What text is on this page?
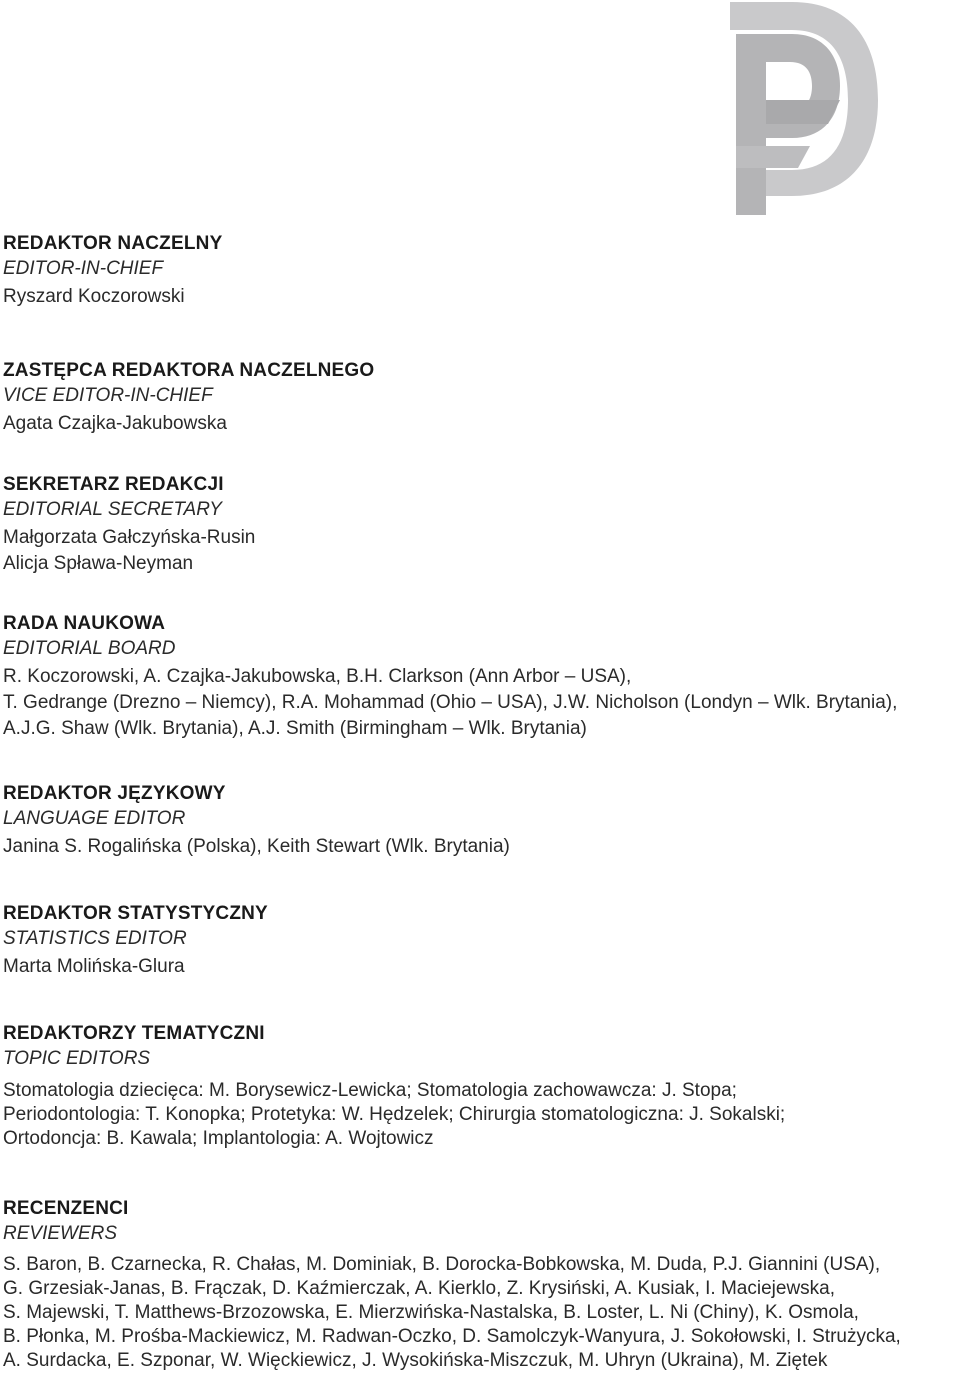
REDAKTOR NACZELNY
EDITOR-IN-CHIEF
Ryszard Koczorowski
ZASTĘPCA REDAKTORA NACZELNEGO
VICE EDITOR-IN-CHIEF
Agata Czajka-Jakubowska
SEKRETARZ REDAKCJI
EDITORIAL SECRETARY
Małgorzata Gałczyńska-Rusin
Alicja Spława-Neyman
RADA NAUKOWA
EDITORIAL BOARD
R. Koczorowski, A. Czajka-Jakubowska, B.H. Clarkson (Ann Arbor – USA),
T. Gedrange (Drezno – Niemcy), R.A. Mohammad (Ohio – USA), J.W. Nicholson (Londyn – Wlk. Brytania),
A.J.G. Shaw (Wlk. Brytania), A.J. Smith (Birmingham – Wlk. Brytania)
REDAKTOR JĘZYKOWY
LANGUAGE EDITOR
Janina S. Rogalińska (Polska), Keith Stewart (Wlk. Brytania)
REDAKTOR STATYSTYCZNY
STATISTICS EDITOR
Marta Molińska-Glura
REDAKTORZY TEMATYCZNI
TOPIC EDITORS
Stomatologia dziecięca: M. Borysewicz-Lewicka; Stomatologia zachowawcza: J. Stopa;
Periodontologia: T. Konopka; Protetyka: W. Hędzelek; Chirurgia stomatologiczna: J. Sokalski;
Ortodoncja: B. Kawala; Implantologia: A. Wojtowicz
RECENZENCI
REVIEWERS
S. Baron, B. Czarnecka, R. Chałas, M. Dominiak, B. Dorocka-Bobkowska, M. Duda, P.J. Giannini (USA),
G. Grzesiak-Janas, B. Frączak, D. Kaźmierczak, A. Kierklo, Z. Krysiński, A. Kusiak, I. Maciejewska,
S. Majewski, T. Matthews-Brzozowska, E. Mierzwińska-Nastalska, B. Loster, L. Ni (Chiny), K. Osmola,
B. Płonka, M. Prośba-Mackiewicz, M. Radwan-Oczko, D. Samolczyk-Wanyura, J. Sokołowski, I. Strużycka,
A. Surdacka, E. Szponar, W. Więckiewicz, J. Wysokińska-Miszczuk, M. Uhryn (Ukraina), M. Ziętek
